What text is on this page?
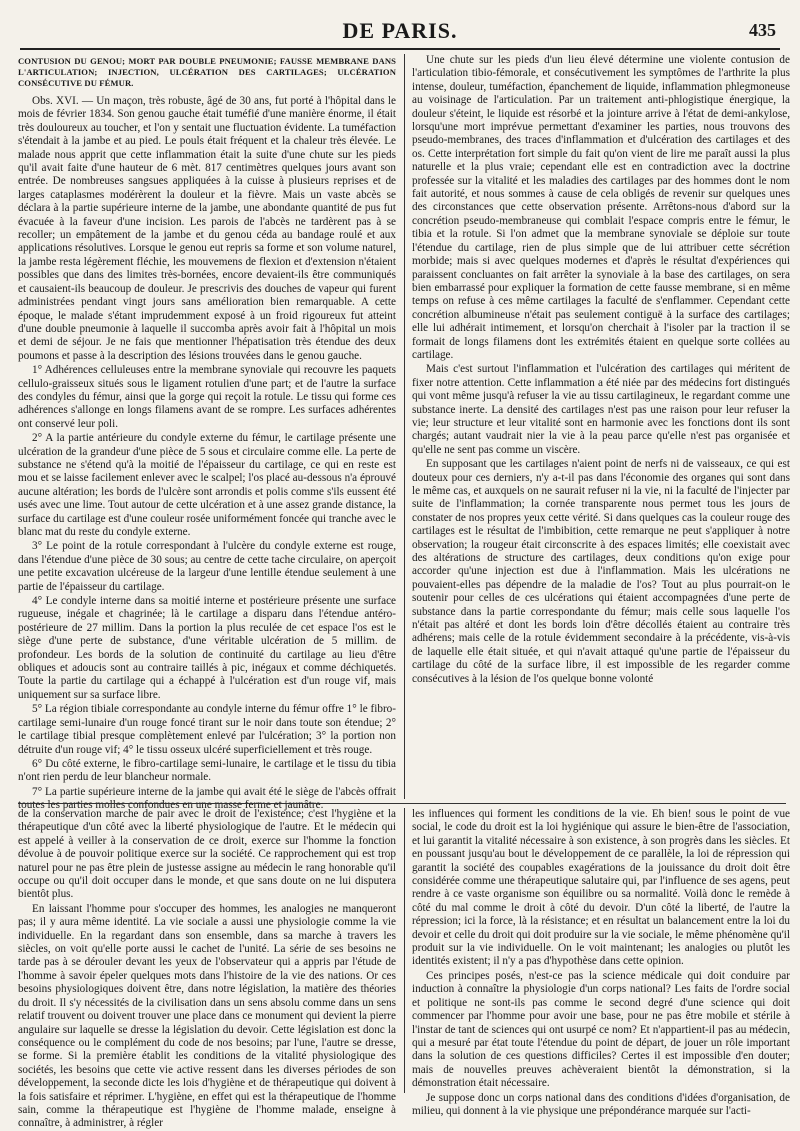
DE PARIS.	435
CONTUSION DU GENOU; MORT PAR DOUBLE PNEUMONIE; FAUSSE MEMBRANE DANS L'ARTICULATION; INJECTION, ULCÉRATION DES CARTILAGES; ULCÉRATION CONSÉCUTIVE DU FÉMUR.

Obs. XVI. — Un maçon, très robuste, âgé de 30 ans, fut porté à l'hôpital dans le mois de février 1834. Son genou gauche était tuméfié d'une manière énorme, il était très douloureux au toucher, et l'on y sentait une fluctuation évidente. La tuméfaction s'étendait à la jambe et au pied. Le pouls était fréquent et la chaleur très élevée. Le malade nous apprit que cette inflammation était la suite d'une chute sur les pieds qu'il avait faite d'une hauteur de 6 mèt. 817 centimètres quelques jours avant son entrée. De nombreuses sangsues appliquées à la cuisse à plusieurs reprises et de larges cataplasmes modérèrent la douleur et la fièvre. Mais un vaste abcès se déclara à la partie supérieure interne de la jambe, une abondante quantité de pus fut évacuée à la faveur d'une incision. Les parois de l'abcès ne tardèrent pas à se recoller; un empâtement de la jambe et du genou céda au bandage roulé et aux applications résolutives. Lorsque le genou eut repris sa forme et son volume naturel, la jambe resta légèrement fléchie, les mouvemens de flexion et d'extension n'étaient possibles que dans des limites très-bornées, encore devaient-ils être communiqués et causaient-ils beaucoup de douleur. Je prescrivis des douches de vapeur qui furent administrées pendant vingt jours sans amélioration bien remarquable. A cette époque, le malade s'étant imprudemment exposé à un froid rigoureux fut atteint d'une double pneumonie à laquelle il succomba après avoir fait à l'hôpital un mois et demi de séjour. Je ne fais que mentionner l'hépatisation très étendue des deux poumons et passe à la description des lésions trouvées dans le genou gauche.

1° Adhérences celluleuses entre la membrane synoviale qui recouvre les paquets cellulo-graisseux situés sous le ligament rotulien d'une part; et de l'autre la surface des condyles du fémur, ainsi que la gorge qui reçoit la rotule. Le tissu qui forme ces adhérences s'allonge en longs filamens avant de se rompre. Les surfaces adhérentes ont conservé leur poli.

2° A la partie antérieure du condyle externe du fémur, le cartilage présente une ulcération de la grandeur d'une pièce de 5 sous et circulaire comme elle. La perte de substance ne s'étend qu'à la moitié de l'épaisseur du cartilage, ce qui en reste est mou et se laisse facilement enlever avec le scalpel; l'os placé au-dessous n'a éprouvé aucune altération; les bords de l'ulcère sont arrondis et polis comme s'ils eussent été usés avec une lime. Tout autour de cette ulcération et à une assez grande distance, la surface du cartilage est d'une couleur rosée uniformément foncée qui tranche avec le blanc mat du reste du condyle externe.

3° Le point de la rotule correspondant à l'ulcère du condyle externe est rouge, dans l'étendue d'une pièce de 30 sous; au centre de cette tache circulaire, on aperçoit une petite excavation ulcéreuse de la largeur d'une lentille étendue seulement à une partie de l'épaisseur du cartilage.

4° Le condyle interne dans sa moitié interne et postérieure présente une surface rugueuse, inégale et chagrinée; là le cartilage a disparu dans l'étendue antéro-postérieure de 27 millim. Dans la portion la plus reculée de cet espace l'os est le siège d'une perte de substance, d'une véritable ulcération de 5 millim. de profondeur. Les bords de la solution de continuité du cartilage au lieu d'être obliques et adoucis sont au contraire taillés à pic, inégaux et comme déchiquetés. Toute la partie du cartilage qui a échappé à l'ulcération est d'un rouge vif, mais uniquement sur sa surface libre.

5° La région tibiale correspondante au condyle interne du fémur offre 1° le fibro-cartilage semi-lunaire d'un rouge foncé tirant sur le noir dans toute son étendue; 2° le cartilage tibial presque complètement enlevé par l'ulcération; 3° la portion non détruite d'un rouge vif; 4° le tissu osseux ulcéré superficiellement et très rouge.

6° Du côté externe, le fibro-cartilage semi-lunaire, le cartilage et le tissu du tibia n'ont rien perdu de leur blancheur normale.

7° La partie supérieure interne de la jambe qui avait été le siège de l'abcès offrait toutes les parties molles confondues en une masse ferme et jaunâtre.

Une chute sur les pieds d'un lieu élevé détermine une violente contusion de l'articulation tibio-fémorale, et consécutivement les symptômes de l'arthrite la plus intense, douleur, tuméfaction, épanchement de liquide, inflammation phlegmoneuse au voisinage de l'articulation. Par un traitement anti-phlogistique énergique, la douleur s'éteint, le liquide est résorbé et la jointure arrive à l'état de demi-ankylose, lorsqu'une mort imprévue permettant d'examiner les parties, nous trouvons des pseudo-membranes, des traces d'inflammation et d'ulcération des cartilages et des os. Cette interprétation fort simple du fait qu'on vient de lire me paraît aussi la plus naturelle et la plus vraie; cependant elle est en contradiction avec la doctrine professée sur la vitalité et les maladies des cartilages par des hommes dont le nom fait autorité, et nous sommes à cause de cela obligés de revenir sur quelques unes des circonstances que cette observation présente. Arrêtons-nous d'abord sur la concrétion pseudo-membraneuse qui comblait l'espace compris entre le fémur, le tibia et la rotule. Si l'on admet que la membrane synoviale se déploie sur toute l'étendue du cartilage, rien de plus simple que de lui attribuer cette sécrétion morbide; mais si avec quelques modernes et d'après le résultat d'expériences qui paraissent concluantes on fait arrêter la synoviale à la base des cartilages, on sera bien embarrassé pour expliquer la formation de cette fausse membrane, si en même temps on refuse à ces même cartilages la faculté de s'enflammer. Cependant cette concrétion albumineuse n'était pas seulement contiguë à la surface des cartilages; elle lui adhérait intimement, et lorsqu'on cherchait à l'isoler par la traction il se formait de longs filamens dont les extrémités étaient en quelque sorte collées au cartilage.

Mais c'est surtout l'inflammation et l'ulcération des cartilages qui méritent de fixer notre attention. Cette inflammation a été niée par des médecins fort distingués qui vont même jusqu'à refuser la vie au tissu cartilagineux, le regardant comme une substance inerte. La densité des cartilages n'est pas une raison pour leur refuser la vie; leur structure et leur vitalité sont en harmonie avec les fonctions dont ils sont chargés; autant vaudrait nier la vie à la peau parce qu'elle n'est pas organisée et qu'elle ne sent pas comme un viscère.

En supposant que les cartilages n'aient point de nerfs ni de vaisseaux, ce qui est douteux pour ces derniers, n'y a-t-il pas dans l'économie des organes qui sont dans le même cas, et auxquels on ne saurait refuser ni la vie, ni la faculté de l'injecter par suite de l'inflammation; la cornée transparente nous permet tous les jours de constater de nos propres yeux cette vérité. Si dans quelques cas la couleur rouge des cartilages est le résultat de l'imbibition, cette remarque ne peut s'appliquer à notre observation; la rougeur était circonscrite à des espaces limités; elle coexistait avec des altérations de structure des cartilages, deux conditions qu'on exige pour accorder qu'une injection est due à l'inflammation. Mais les ulcérations ne pouvaient-elles pas dépendre de la maladie de l'os? Tout au plus pourrait-on le soutenir pour celles de ces ulcérations qui étaient accompagnées d'une perte de substance dans la partie correspondante du fémur; mais celle sous laquelle l'os n'était pas altéré et dont les bords loin d'être décollés étaient au contraire très adhérens; mais celle de la rotule évidemment secondaire à la précédente, vis-à-vis de laquelle elle était située, et qui n'avait attaqué qu'une partie de l'épaisseur du cartilage du côté de la surface libre, il est impossible de les regarder comme consécutives à la lésion de l'os quelque bonne volonté

de la conservation marche de pair avec le droit de l'existence; c'est l'hygiène et la thérapeutique d'un côté avec la liberté physiologique de l'autre. Et le médecin qui est appelé à veiller à la conservation de ce droit, exerce sur l'homme la fonction dévolue à de pouvoir politique exerce sur la société. Ce rapprochement qui est trop naturel pour ne pas être plein de justesse assigne au médecin le rang honorable qu'il occupe ou qu'il doit occuper dans le monde, et que sans doute on ne lui disputera bientôt plus.

En laissant l'homme pour s'occuper des hommes, les analogies ne manqueront pas; il y aura même identité. La vie sociale a aussi une physiologie comme la vie individuelle. En la regardant dans son ensemble, dans sa marche à travers les siècles, on voit qu'elle porte aussi le cachet de l'unité. La série de ses besoins ne tarde pas à se dérouler devant les yeux de l'observateur qui a appris par l'étude de l'homme à savoir épeler quelques mots dans l'histoire de la vie des nations. Or ces besoins physiologiques doivent être, dans notre législation, la matière des théories du droit. Il s'y nécessités de la civilisation dans un sens absolu comme dans un sens relatif trouvent ou doivent trouver une place dans ce monument qui devient la pierre angulaire sur laquelle se dresse la législation du devoir. Cette législation est donc la conséquence ou le complément du code de nos besoins; par l'une, l'autre se dresse, se forme. Si la première établit les conditions de la vitalité physiologique des sociétés, les besoins que cette vie active ressent dans les diverses périodes de son développement, la seconde dicte les lois d'hygiène et de thérapeutique qui doivent à la fois satisfaire et réprimer. L'hygiène, en effet qui est la thérapeutique de l'homme sain, comme la thérapeutique est l'hygiène de l'homme malade, enseigne à connaître, à administrer, à régler

les influences qui forment les conditions de la vie. Eh bien! sous le point de vue social, le code du droit est la loi hygiénique qui assure le bien-être de l'association, et lui garantit la vitalité nécessaire à son existence, à son progrès dans les siècles. Et en poussant jusqu'au bout le développement de ce parallèle, la loi de répression qui garantit la société des coupables exagérations de la jouissance du droit doit être considérée comme une thérapeutique salutaire qui, par l'influence de ses agens, peut rendre à ce vaste organisme son équilibre ou sa normalité. Voilà donc le remède à côté du mal comme le droit à côté du devoir. D'un côté la liberté, de l'autre la répression; ici la force, là la résistance; et en résultat un balancement entre la loi du devoir et celle du droit qui doit produire sur la vie sociale, le même phénomène qu'il produit sur la vie individuelle. On le voit maintenant; les analogies ou plutôt les identités existent; il n'y a pas d'hypothèse dans cette opinion.

Ces principes posés, n'est-ce pas la science médicale qui doit conduire par induction à connaître la physiologie d'un corps national? Les faits de l'ordre social et politique ne sont-ils pas comme le second degré d'une science qui doit commencer par l'homme pour avoir une base, pour ne pas être mobile et stérile à l'instar de tant de sciences qui ont usurpé ce nom? Et n'appartient-il pas au médecin, qui a mesuré par état toute l'étendue du point de départ, de jouer un rôle important dans la solution de ces questions difficiles? Certes il est impossible d'en douter; mais de nouvelles preuves achèveraient bientôt la démonstration, si la démonstration était nécessaire.

Je suppose donc un corps national dans des conditions d'idées d'organisation, de milieu, qui donnent à la vie physique une prépondérance marquée sur l'acti-
